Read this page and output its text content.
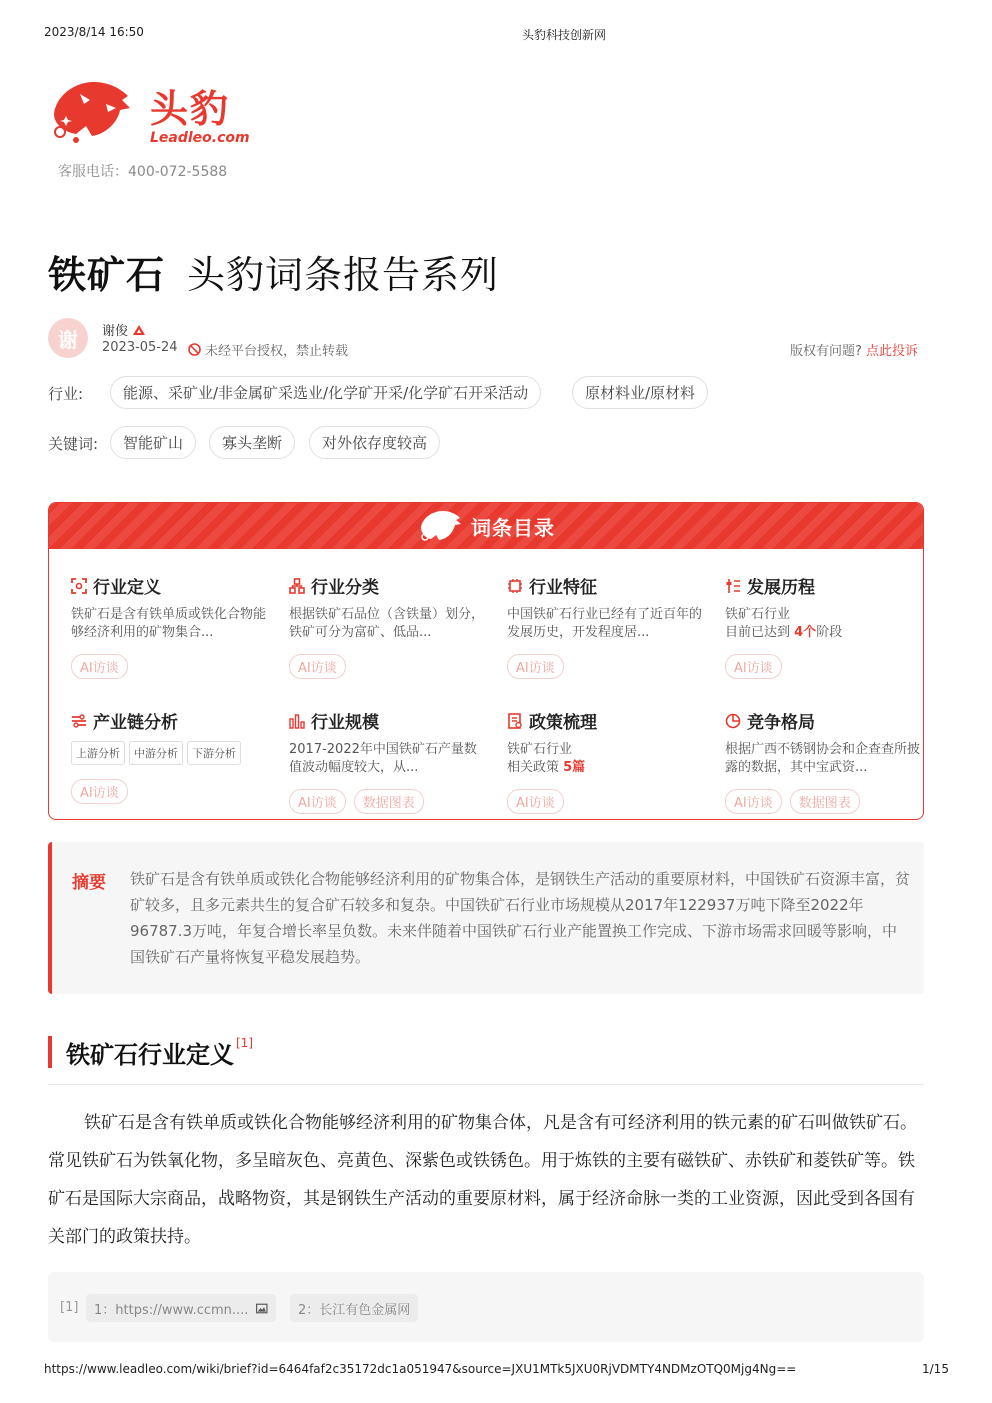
2023/8/14 16:50	头豹科技创新网
头豹
Leadleo.com
客服电话：400-072-5588
铁矿石 头豹词条报告系列
谢	谢俊
2023-05-24 未经平台授权，禁止转载	版权有问题? 点此投诉
行业:	能源、采矿业/非金属矿采选业/化学矿开采/化学矿石开采活动	原材料业/原材料
关键词:	智能矿山	寡头垄断	对外依存度较高
词条目录
行业定义
铁矿石是含有铁单质或铁化合物能够经济利用的矿物集合...
AI访谈
行业分类
根据铁矿石品位（含铁量）划分，铁矿可分为富矿、低品...
AI访谈
行业特征
中国铁矿石行业已经有了近百年的发展历史，开发程度居...
AI访谈
发展历程
铁矿石行业
目前已达到 4个阶段
AI访谈
产业链分析
上游分析 中游分析 下游分析
AI访谈
行业规模
2017-2022年中国铁矿石产量数值波动幅度较大，从...
AI访谈 数据图表
政策梳理
铁矿石行业
相关政策 5篇
AI访谈
竞争格局
根据广西不锈钢协会和企查查所披露的数据，其中宝武资...
AI访谈 数据图表
摘要 铁矿石是含有铁单质或铁化合物能够经济利用的矿物集合体，是钢铁生产活动的重要原材料，中国铁矿石资源丰富，贫矿较多，且多元素共生的复合矿石较多和复杂。中国铁矿石行业市场规模从2017年122937万吨下降至2022年96787.3万吨，年复合增长率呈负数。未来伴随着中国铁矿石行业产能置换工作完成、下游市场需求回暖等影响，中国铁矿石产量将恢复平稳发展趋势。
铁矿石行业定义[1]
铁矿石是含有铁单质或铁化合物能够经济利用的矿物集合体，凡是含有可经济利用的铁元素的矿石叫做铁矿石。常见铁矿石为铁氧化物，多呈暗灰色、亮黄色、深紫色或铁锈色。用于炼铁的主要有磁铁矿、赤铁矿和菱铁矿等。铁矿石是国际大宗商品，战略物资，其是钢铁生产活动的重要原材料，属于经济命脉一类的工业资源，因此受到各国有关部门的政策扶持。
[1] 1：https://www.ccmn....	2：长江有色金属网
https://www.leadleo.com/wiki/brief?id=6464faf2c35172dc1a051947&source=JXU1MTk5JXU0RjVDMTY4NDMzOTQ0Mjg4Ng==	1/15
